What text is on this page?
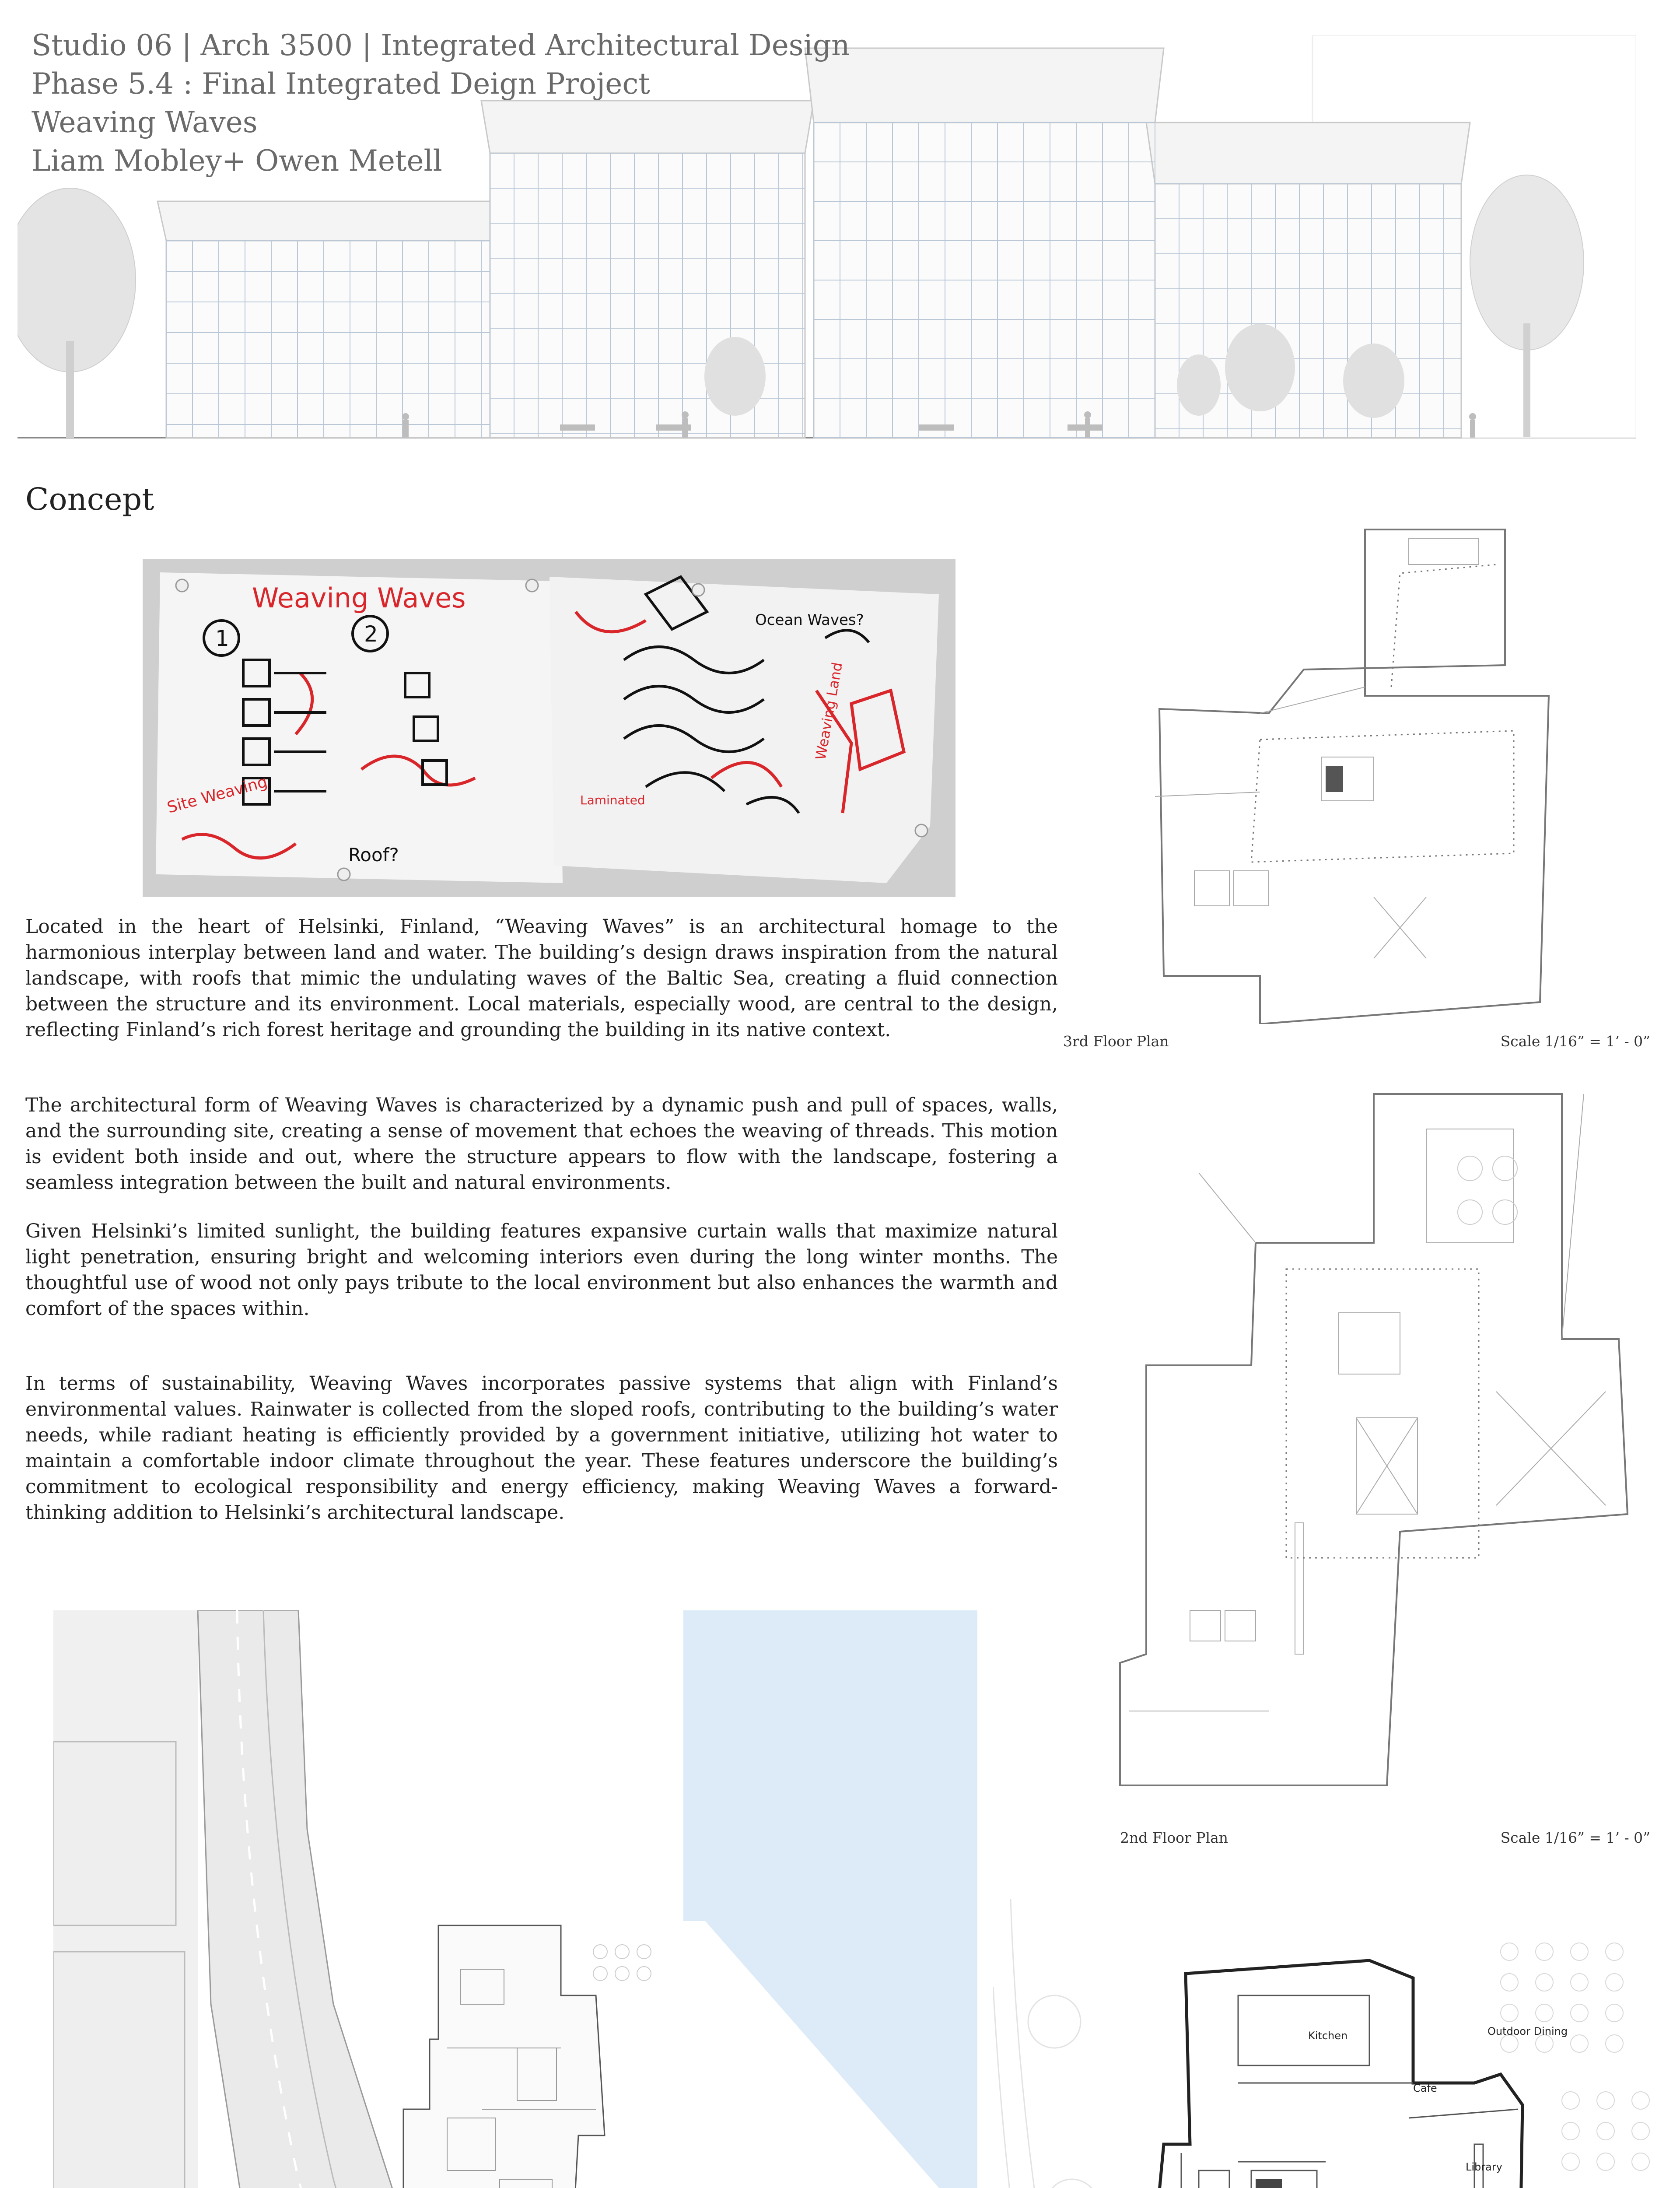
Studio 06 | Arch 3500 | Integrated Architectural Design
Phase 5.4 : Final Integrated Deign Project
Weaving Waves
Liam Mobley+ Owen Metell
Concept
Weaving Waves
1	2
Site Weaving
Roof?
Ocean Waves?
Weaving Land
Laminated
Located in the heart of Helsinki, Finland, “Weaving Waves” is an architectural homage to the harmonious interplay between land and water. The building’s design draws inspiration from the natural landscape, with roofs that mimic the undulating waves of the Baltic Sea, creating a fluid connection between the structure and its environment. Local materials, especially wood, are central to the design, reflecting Finland’s rich forest heritage and grounding the building in its native context.
The architectural form of Weaving Waves is characterized by a dynamic push and pull of spaces, walls, and the surrounding site, creating a sense of movement that echoes the weaving of threads. This motion is evident both inside and out, where the structure appears to flow with the landscape, fostering a seamless integration between the built and natural environments.
Given Helsinki’s limited sunlight, the building features expansive curtain walls that maximize natural light penetration, ensuring bright and welcoming interiors even during the long winter months. The thoughtful use of wood not only pays tribute to the local environment but also enhances the warmth and comfort of the spaces within.
In terms of sustainability, Weaving Waves incorporates passive systems that align with Finland’s environmental values. Rainwater is collected from the sloped roofs, contributing to the building’s water needs, while radiant heating is efficiently provided by a government initiative, utilizing hot water to maintain a comfortable indoor climate throughout the year. These features underscore the building’s commitment to ecological responsibility and energy efficiency, making Weaving Waves a forward-thinking addition to Helsinki’s architectural landscape.
3rd Floor Plan	Scale 1/16” = 1’ - 0”
2nd Floor Plan	Scale 1/16” = 1’ - 0”
Kitchen	Outdoor Dining
Cafe
Library
